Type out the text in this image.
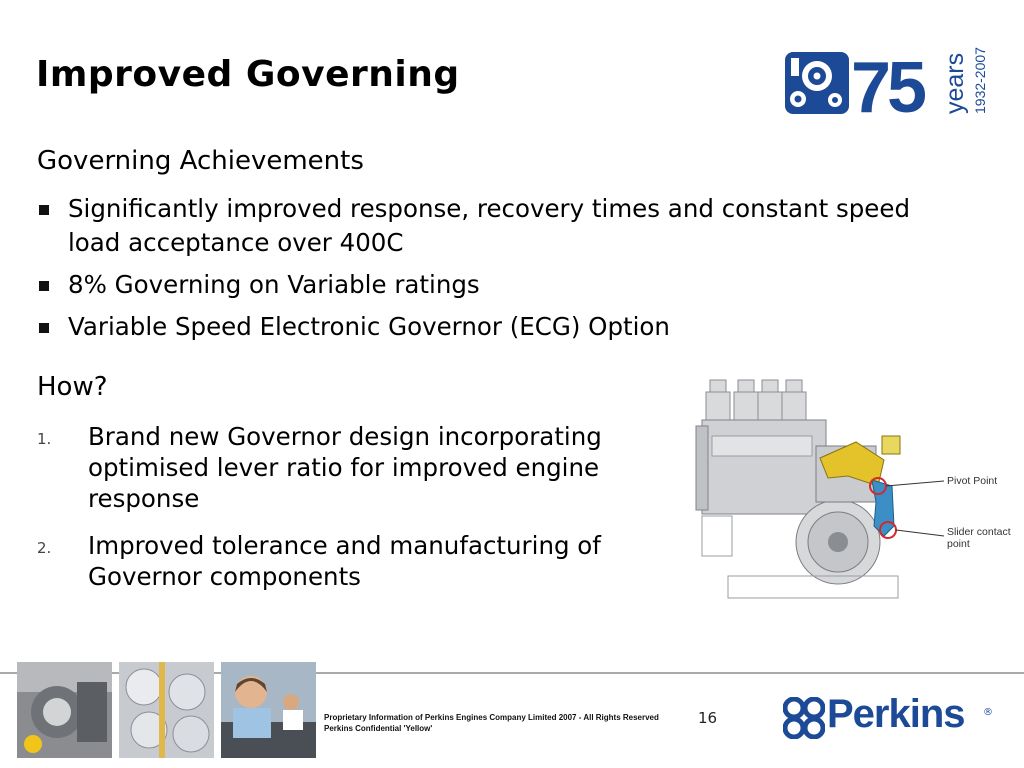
Improved Governing	75 years 1932-2007
Governing Achievements
Significantly improved response, recovery times and constant speed load acceptance over 400C
8% Governing on Variable ratings
Variable Speed Electronic Governor (ECG) Option
How?
1. Brand new Governor design incorporating optimised lever ratio for improved engine response
2. Improved tolerance and manufacturing of Governor components
Pivot Point
Slider contact point
Proprietary Information of Perkins Engines Company Limited 2007 - All Rights Reserved
Perkins Confidential 'Yellow'
16	Perkins ®
